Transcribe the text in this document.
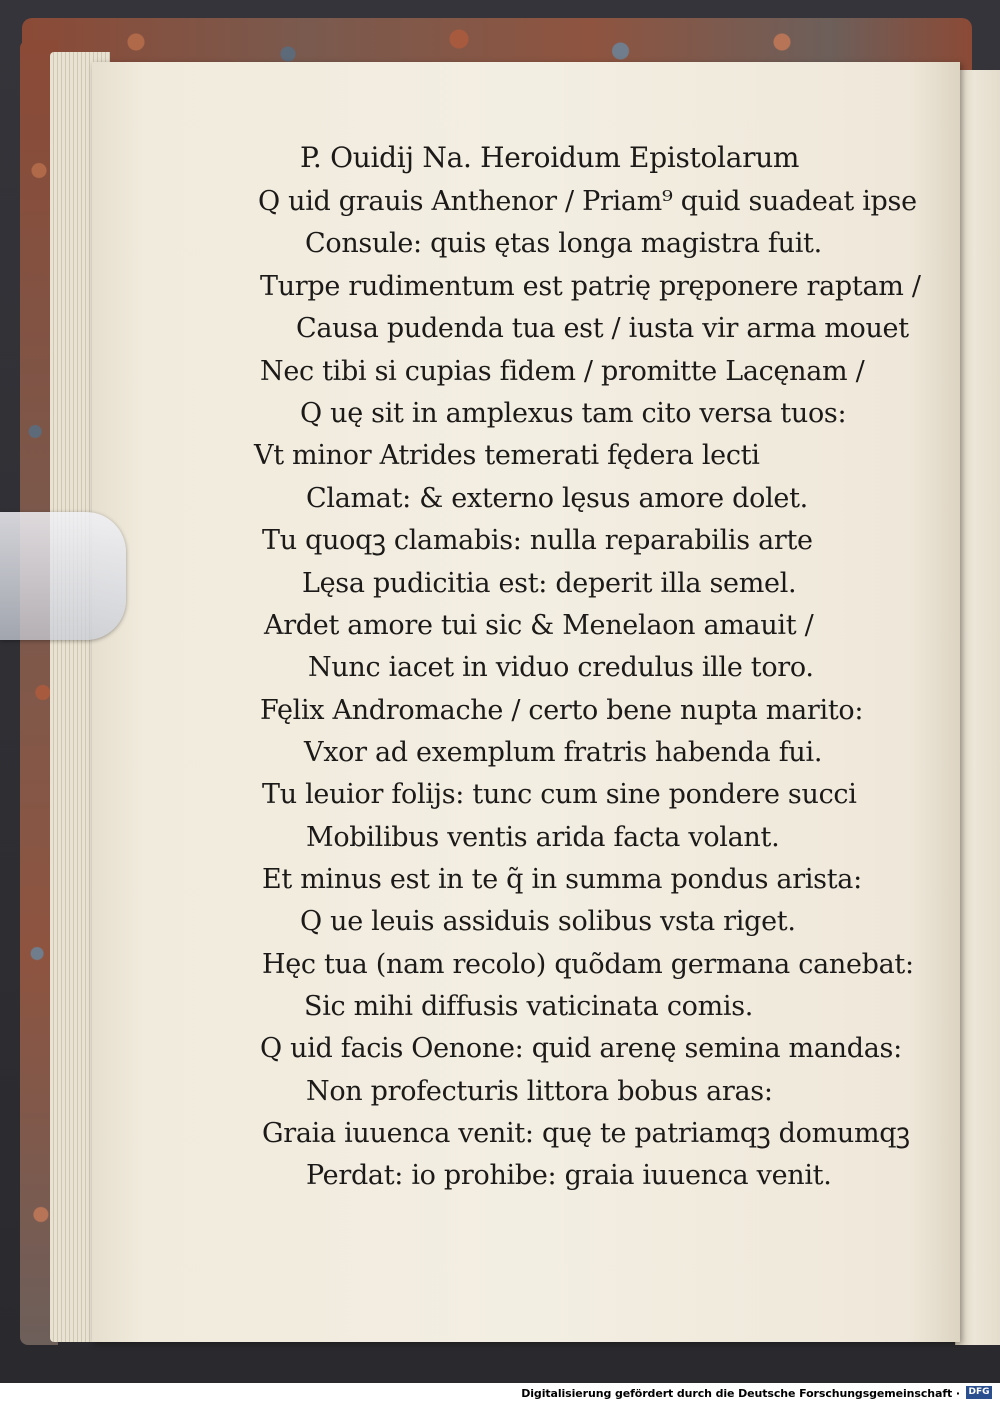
P. Ouidij Na. Heroidum Epistolarum
Q uid grauis Anthenor / Priam⁹ quid suadeat ipse
Consule: quis ętas longa magistra fuit.
Turpe rudimentum est patrię pręponere raptam /
Causa pudenda tua est / iusta vir arma mouet
Nec tibi si cupias fidem / promitte Lacęnam /
Q uę sit in amplexus tam cito versa tuos:
Vt minor Atrides temerati fędera lecti
Clamat: & externo lęsus amore dolet.
Tu quoqꝫ clamabis: nulla reparabilis arte
Lęsa pudicitia est: deperit illa semel.
Ardet amore tui sic & Menelaon amauit /
Nunc iacet in viduo credulus ille toro.
Fęlix Andromache / certo bene nupta marito:
Vxor ad exemplum fratris habenda fui.
Tu leuior folijs: tunc cum sine pondere succi
Mobilibus ventis arida facta volant.
Et minus est in te q̃ in summa pondus arista:
Q ue leuis assiduis solibus vsta riget.
Hęc tua (nam recolo) quõdam germana canebat:
Sic mihi diffusis vaticinata comis.
Q uid facis Oenone: quid arenę semina mandas:
Non profecturis littora bobus aras:
Graia iuuenca venit: quę te patriamqꝫ domumqꝫ
Perdat: io prohibe: graia iuuenca venit.
Digitalisierung gefördert durch die Deutsche Forschungsgemeinschaft · DFG
